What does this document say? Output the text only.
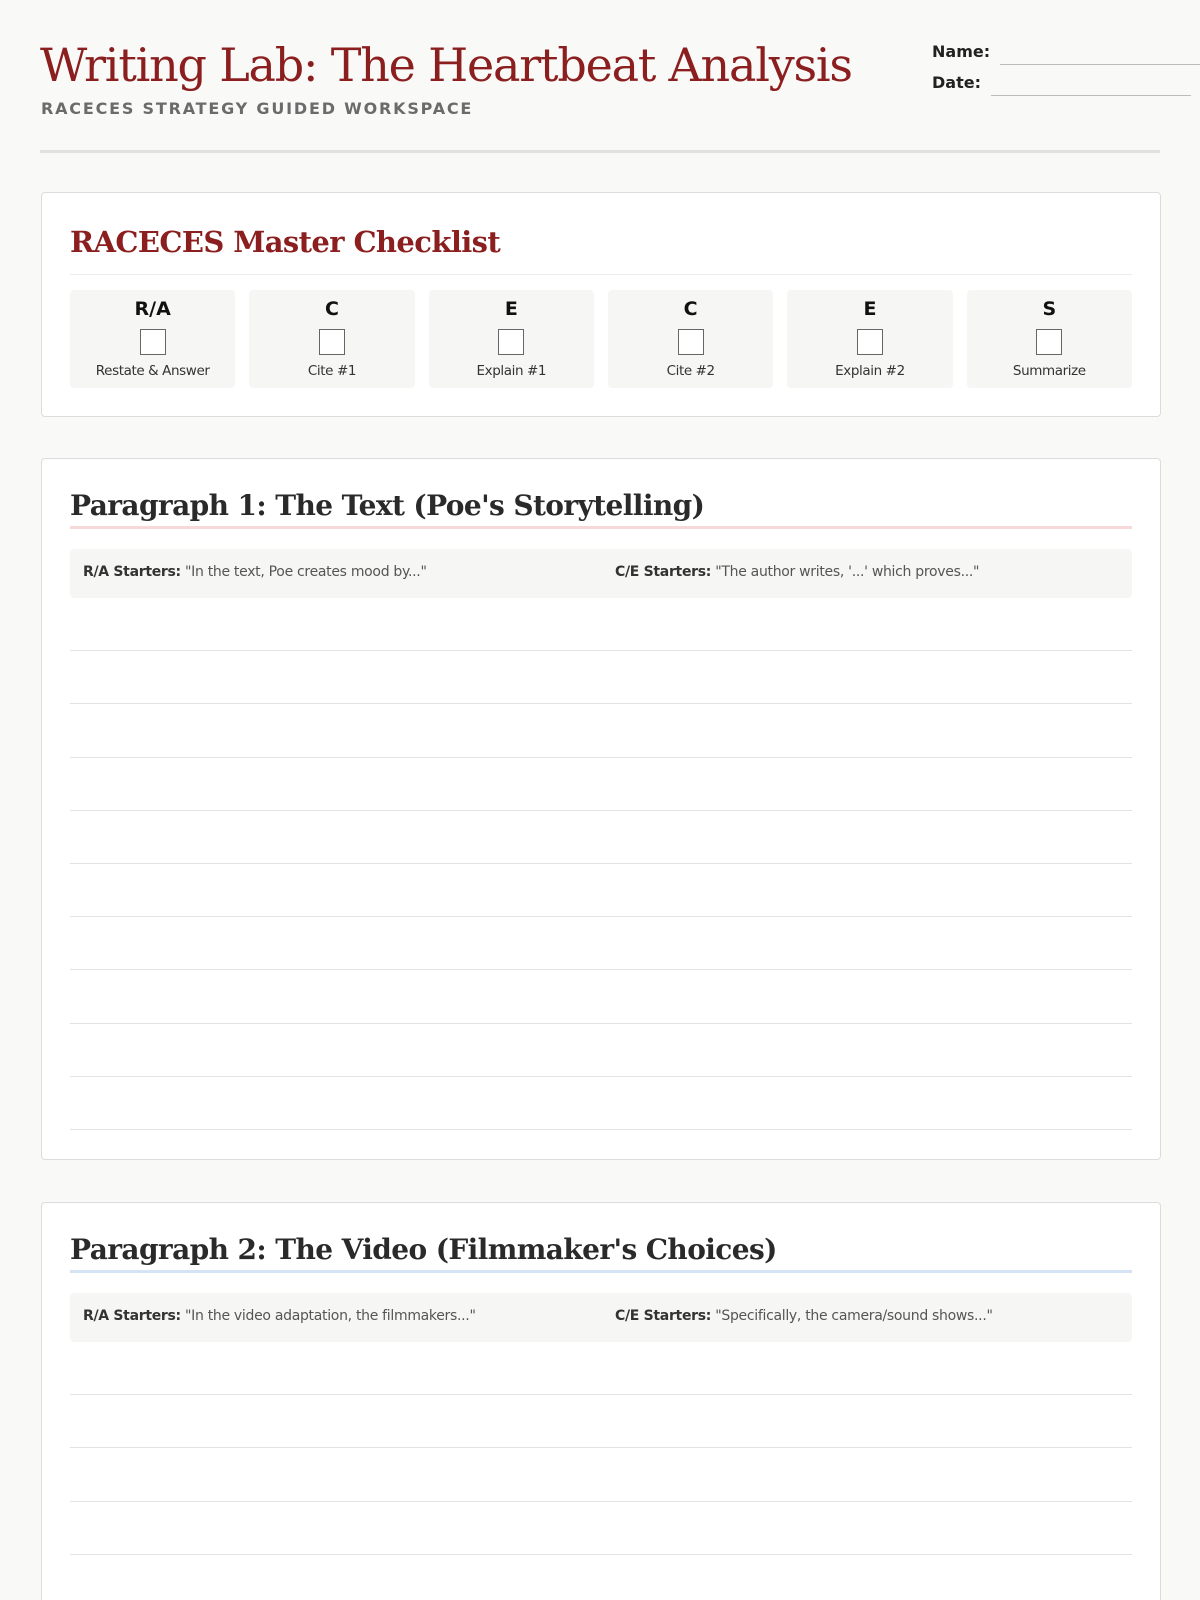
Writing Lab: The Heartbeat Analysis
RACECES STRATEGY GUIDED WORKSPACE
Name:
Date:
RACECES Master Checklist
R/A
Restate & Answer
C
Cite #1
E
Explain #1
C
Cite #2
E
Explain #2
S
Summarize
Paragraph 1: The Text (Poe's Storytelling)
R/A Starters: "In the text, Poe creates mood by..."	C/E Starters: "The author writes, '...' which proves..."
Paragraph 2: The Video (Filmmaker's Choices)
R/A Starters: "In the video adaptation, the filmmakers..."	C/E Starters: "Specifically, the camera/sound shows..."
